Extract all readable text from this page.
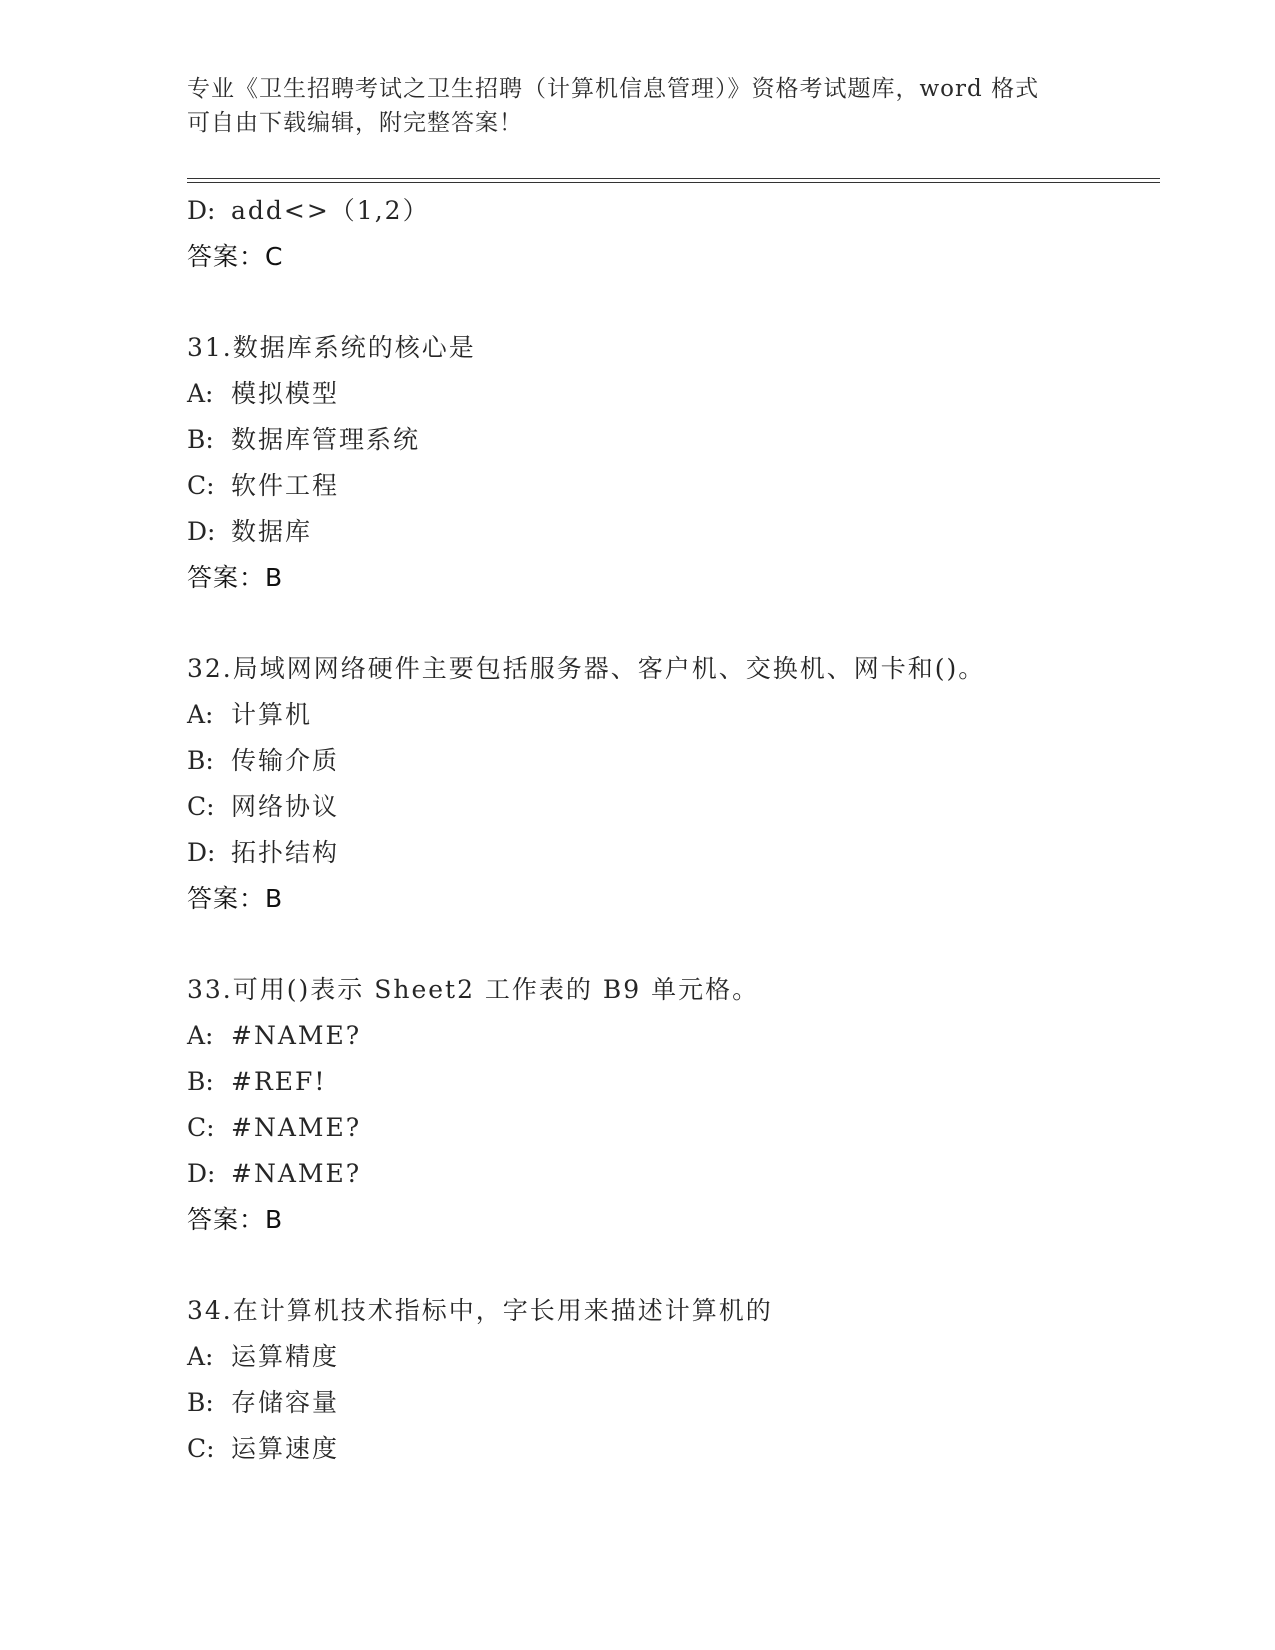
专业《卫生招聘考试之卫生招聘（计算机信息管理）》资格考试题库，word 格式
可自由下载编辑，附完整答案！
D: add<>（1,2）
答案：C
31.数据库系统的核心是
A: 模拟模型
B: 数据库管理系统
C: 软件工程
D: 数据库
答案：B
32.局域网网络硬件主要包括服务器、客户机、交换机、网卡和()。
A: 计算机
B: 传输介质
C: 网络协议
D: 拓扑结构
答案：B
33.可用()表示 Sheet2 工作表的 B9 单元格。
A: #NAME?
B: #REF!
C: #NAME?
D: #NAME?
答案：B
34.在计算机技术指标中，字长用来描述计算机的
A: 运算精度
B: 存储容量
C: 运算速度
